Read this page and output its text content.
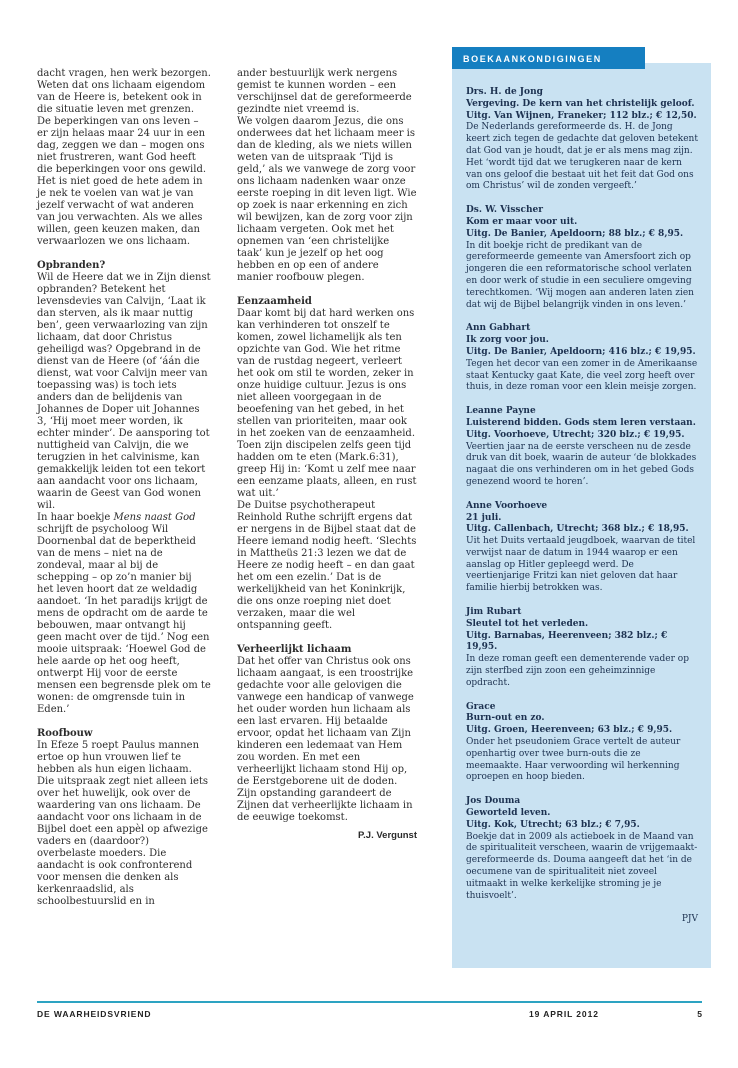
dacht vragen, hen werk bezorgen. Weten dat ons lichaam eigendom van de Heere is, betekent ook in die situatie leven met grenzen. De beperkingen van ons leven – er zijn helaas maar 24 uur in een dag, zeggen we dan – mogen ons niet frustreren, want God heeft die beperkingen voor ons gewild. Het is niet goed de hete adem in je nek te voelen van wat je van jezelf verwacht of wat anderen van jou verwachten. Als we alles willen, geen keuzen maken, dan verwaarlozen we ons lichaam.

Opbranden?

Wil de Heere dat we in Zijn dienst opbranden? Betekent het levensdevies van Calvijn, ‘Laat ik dan sterven, als ik maar nuttig ben’, geen verwaarlozing van zijn lichaam, dat door Christus geheiligd was? Opgebrand in de dienst van de Heere (of ‘áán die dienst, wat voor Calvijn meer van toepassing was) is toch iets anders dan de belijdenis van Johannes de Doper uit Johannes 3, ‘Hij moet meer worden, ik echter minder’. De aansporing tot nuttigheid van Calvijn, die we terugzien in het calvinisme, kan gemakkelijk leiden tot een tekort aan aandacht voor ons lichaam, waarin de Geest van God wonen wil.

In haar boekje Mens naast God schrijft de psycholoog Wil Doornenbal dat de beperktheid van de mens – niet na de zondeval, maar al bij de schepping – op zo’n manier bij het leven hoort dat ze weldadig aandoet. ‘In het paradijs krijgt de mens de opdracht om de aarde te bebouwen, maar ontvangt hij geen macht over de tijd.’ Nog een mooie uitspraak: ‘Hoewel God de hele aarde op het oog heeft, ontwerpt Hij voor de eerste mensen een begrensde plek om te wonen: de omgrensde tuin in Eden.’

Roofbouw

In Efeze 5 roept Paulus mannen ertoe op hun vrouwen lief te hebben als hun eigen lichaam. Die uitspraak zegt niet alleen iets over het huwelijk, ook over de waardering van ons lichaam. De aandacht voor ons lichaam in de Bijbel doet een appèl op afwezige vaders en (daardoor?) overbelaste moeders. Die aandacht is ook confronterend voor mensen die denken als kerkenraadslid, als schoolbestuurslid en in

ander bestuurlijk werk nergens gemist te kunnen worden – een verschijnsel dat de gereformeerde gezindte niet vreemd is.

We volgen daarom Jezus, die ons onderwees dat het lichaam meer is dan de kleding, als we niets willen weten van de uitspraak ‘Tijd is geld,’ als we vanwege de zorg voor ons lichaam nadenken waar onze eerste roeping in dit leven ligt. Wie op zoek is naar erkenning en zich wil bewijzen, kan de zorg voor zijn lichaam vergeten. Ook met het opnemen van ‘een christelijke taak’ kun je jezelf op het oog hebben en op een of andere manier roofbouw plegen.

Eenzaamheid

Daar komt bij dat hard werken ons kan verhinderen tot onszelf te komen, zowel lichamelijk als ten opzichte van God. Wie het ritme van de rustdag negeert, verleert het ook om stil te worden, zeker in onze huidige cultuur. Jezus is ons niet alleen voorgegaan in de beoefening van het gebed, in het stellen van prioriteiten, maar ook in het zoeken van de eenzaamheid. Toen zijn discipelen zelfs geen tijd hadden om te eten (Mark.6:31), greep Hij in: ‘Komt u zelf mee naar een eenzame plaats, alleen, en rust wat uit.’

De Duitse psychotherapeut Reinhold Ruthe schrijft ergens dat er nergens in de Bijbel staat dat de Heere iemand nodig heeft. ‘Slechts in Mattheüs 21:3 lezen we dat de Heere ze nodig heeft – en dan gaat het om een ezelin.’ Dat is de werkelijkheid van het Koninkrijk, die ons onze roeping niet doet verzaken, maar die wel ontspanning geeft.

Verheerlijkt lichaam

Dat het offer van Christus ook ons lichaam aangaat, is een troostrijke gedachte voor alle gelovigen die vanwege een handicap of vanwege het ouder worden hun lichaam als een last ervaren. Hij betaalde ervoor, opdat het lichaam van Zijn kinderen een ledemaat van Hem zou worden. En met een verheerlijkt lichaam stond Hij op, de Eerstgeborene uit de doden. Zijn opstanding garandeert de Zijnen dat verheerlijkte lichaam in de eeuwige toekomst.

P.J. Vergunst
boekaankondigingen
Drs. H. de Jong
Vergeving. De kern van het christelijk geloof.
Uitg. Van Wijnen, Franeker; 112 blz.; € 12,50.
De Nederlands gereformeerde ds. H. de Jong keert zich tegen de gedachte dat geloven betekent dat God van je houdt, dat je er als mens mag zijn. Het ‘wordt tijd dat we terugkeren naar de kern van ons geloof die bestaat uit het feit dat God ons om Christus’ wil de zonden vergeeft.’
Ds. W. Visscher
Kom er maar voor uit.
Uitg. De Banier, Apeldoorn; 88 blz.; € 8,95.
In dit boekje richt de predikant van de gereformeerde gemeente van Amersfoort zich op jongeren die een reformatorische school verlaten en door werk of studie in een seculiere omgeving terechtkomen. ‘Wij mogen aan anderen laten zien dat wij de Bijbel belangrijk vinden in ons leven.’
Ann Gabhart
Ik zorg voor jou.
Uitg. De Banier, Apeldoorn; 416 blz.; € 19,95.
Tegen het decor van een zomer in de Amerikaanse staat Kentucky gaat Kate, die veel zorg heeft over thuis, in deze roman voor een klein meisje zorgen.
Leanne Payne
Luisterend bidden. Gods stem leren verstaan.
Uitg. Voorhoeve, Utrecht; 320 blz.; € 19,95.
Veertien jaar na de eerste verscheen nu de zesde druk van dit boek, waarin de auteur ‘de blokkades nagaat die ons verhinderen om in het gebed Gods genezend woord te horen’.
Anne Voorhoeve
21 juli.
Uitg. Callenbach, Utrecht; 368 blz.; € 18,95.
Uit het Duits vertaald jeugdboek, waarvan de titel verwijst naar de datum in 1944 waarop er een aanslag op Hitler gepleegd werd. De veertienjarige Fritzi kan niet geloven dat haar familie hierbij betrokken was.
Jim Rubart
Sleutel tot het verleden.
Uitg. Barnabas, Heerenveen; 382 blz.; € 19,95.
In deze roman geeft een dementerende vader op zijn sterfbed zijn zoon een geheimzinnige opdracht.
Grace
Burn-out en zo.
Uitg. Groen, Heerenveen; 63 blz.; € 9,95.
Onder het pseudoniem Grace vertelt de auteur openhartig over twee burn-outs die ze meemaakte. Haar verwoording wil herkenning oproepen en hoop bieden.
Jos Douma
Geworteld leven.
Uitg. Kok, Utrecht; 63 blz.; € 7,95.
Boekje dat in 2009 als actieboek in de Maand van de spiritualiteit verscheen, waarin de vrijgemaakt-gereformeerde ds. Douma aangeeft dat het ‘in de oecumene van de spiritualiteit niet zoveel uitmaakt in welke kerkelijke stroming je je thuisvoelt’.
PJV
DE WAARHEIDSVRIEND	19 APRIL 2012	5
